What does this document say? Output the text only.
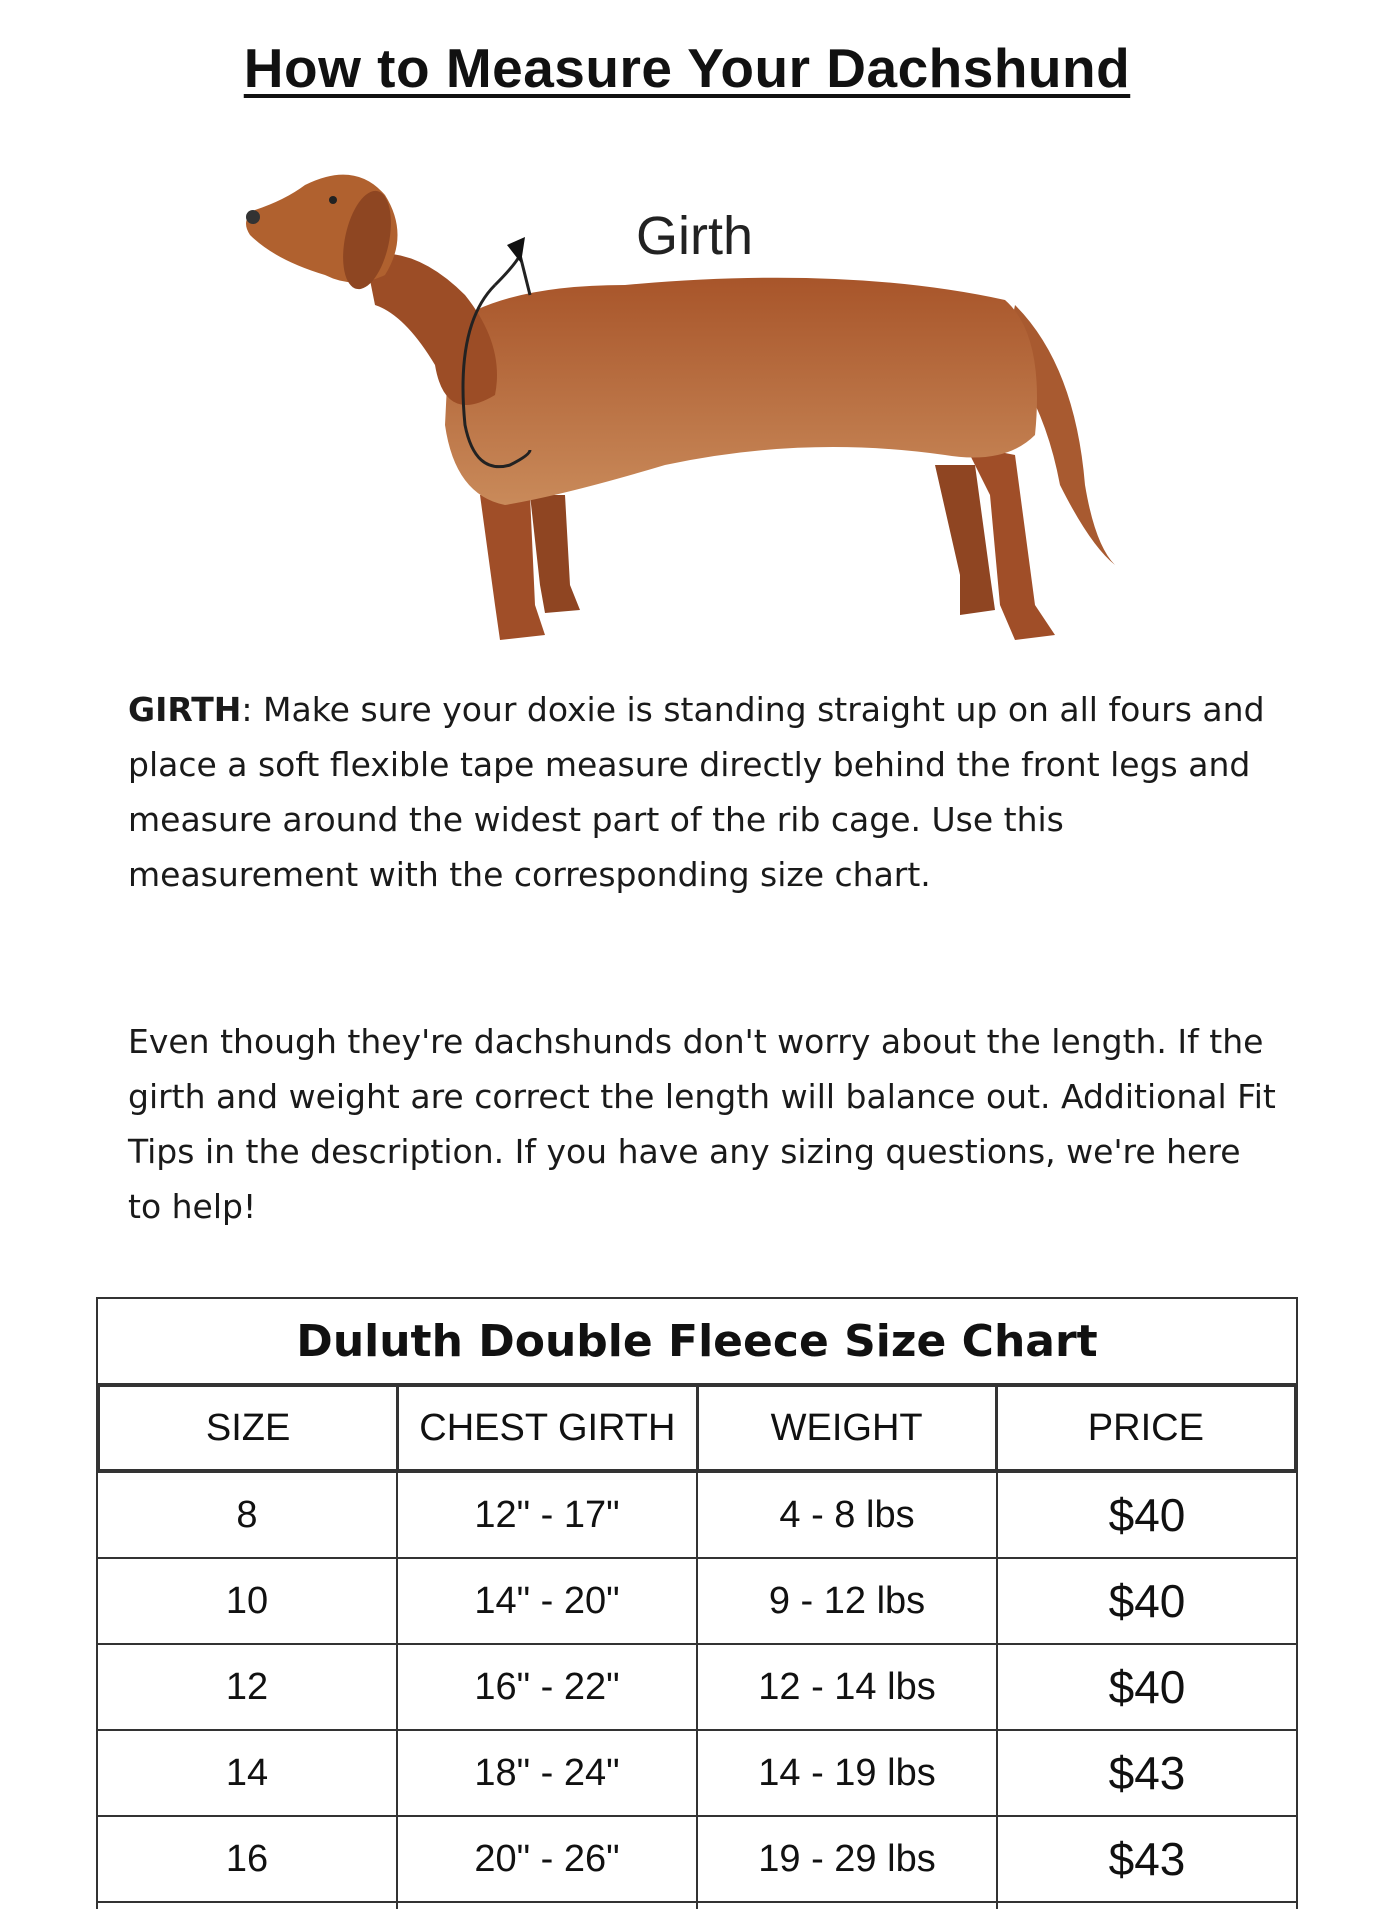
How to Measure Your Dachshund
Girth
GIRTH: Make sure your doxie is standing straight up on all fours and place a soft flexible tape measure directly behind the front legs and measure around the widest part of the rib cage. Use this measurement with the corresponding size chart.
Even though they're dachshunds don't worry about the length. If the girth and weight are correct the length will balance out. Additional Fit Tips in the description. If you have any sizing questions, we're here to help!
Duluth Double Fleece Size Chart
SIZE	CHEST GIRTH	WEIGHT	PRICE
8	12" - 17"	4 - 8 lbs	$40
10	14" - 20"	9 - 12 lbs	$40
12	16" - 22"	12 - 14 lbs	$40
14	18" - 24"	14 - 19 lbs	$43
16	20" - 26"	19 - 29 lbs	$43
